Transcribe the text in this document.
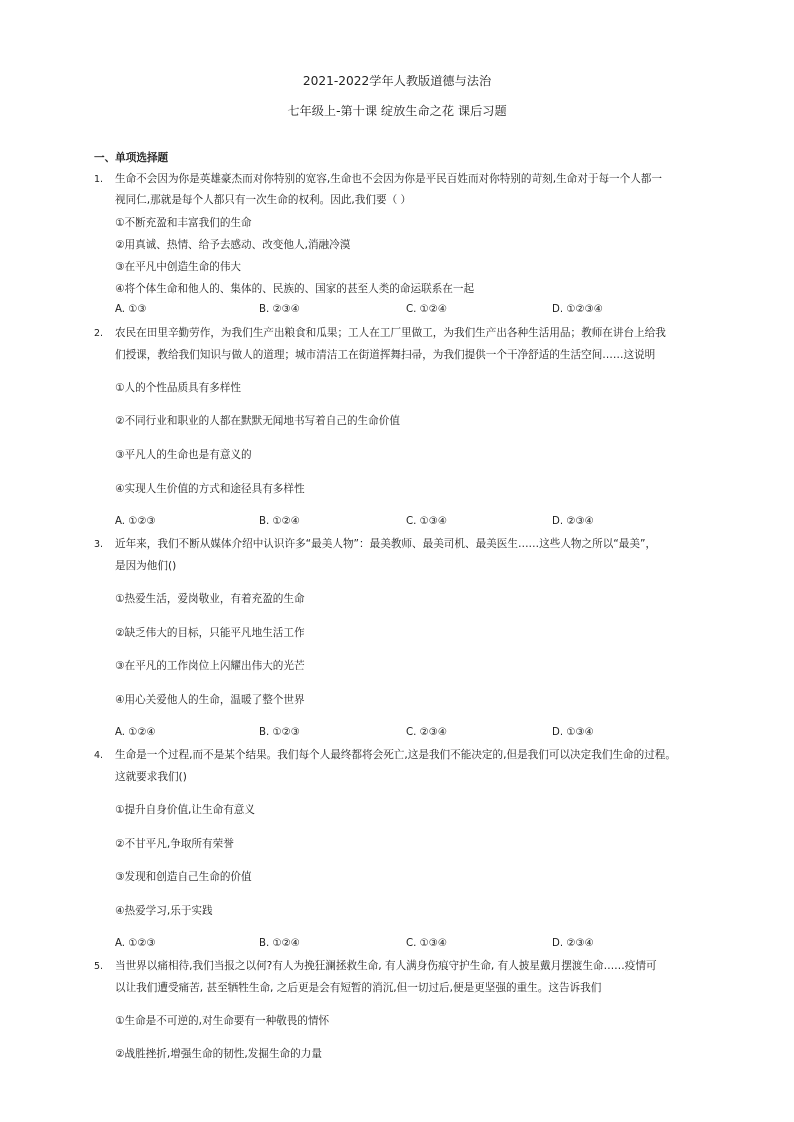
2021-2022学年人教版道德与法治
七年级上-第十课 绽放生命之花 课后习题
一、单项选择题
1. 生命不会因为你是英雄豪杰而对你特别的宽容,生命也不会因为你是平民百姓而对你特别的苛刻,生命对于每一个人都一
视同仁,那就是每个人都只有一次生命的权利。因此,我们要（ ）
①不断充盈和丰富我们的生命
②用真诚、热情、给予去感动、改变他人,消融冷漠
③在平凡中创造生命的伟大
④将个体生命和他人的、集体的、民族的、国家的甚至人类的命运联系在一起
A. ①③	B. ②③④	C. ①②④	D. ①②③④
2. 农民在田里辛勤劳作，为我们生产出粮食和瓜果；工人在工厂里做工，为我们生产出各种生活用品；教师在讲台上给我
们授课，教给我们知识与做人的道理；城市清洁工在街道挥舞扫帚，为我们提供一个干净舒适的生活空间……这说明
①人的个性品质具有多样性
②不同行业和职业的人都在默默无闻地书写着自己的生命价值
③平凡人的生命也是有意义的
④实现人生价值的方式和途径具有多样性
A. ①②③	B. ①②④	C. ①③④	D. ②③④
3. 近年来，我们不断从媒体介绍中认识许多“最美人物”：最美教师、最美司机、最美医生……这些人物之所以“最美”，
是因为他们()
①热爱生活，爱岗敬业，有着充盈的生命
②缺乏伟大的目标，只能平凡地生活工作
③在平凡的工作岗位上闪耀出伟大的光芒
④用心关爱他人的生命，温暖了整个世界
A. ①②④	B. ①②③	C. ②③④	D. ①③④
4. 生命是一个过程,而不是某个结果。我们每个人最终都将会死亡,这是我们不能决定的,但是我们可以决定我们生命的过程。
这就要求我们()
①提升自身价值,让生命有意义
②不甘平凡,争取所有荣誉
③发现和创造自己生命的价值
④热爱学习,乐于实践
A. ①②③	B. ①②④	C. ①③④	D. ②③④
5. 当世界以痛相待,我们当报之以何?有人为挽狂澜拯救生命, 有人满身伤痕守护生命, 有人披星戴月摆渡生命……疫情可
以让我们遭受痛苦, 甚至牺牲生命, 之后更是会有短暂的消沉,但一切过后,便是更坚强的重生。这告诉我们
①生命是不可逆的,对生命要有一种敬畏的情怀
②战胜挫折,增强生命的韧性,发掘生命的力量
